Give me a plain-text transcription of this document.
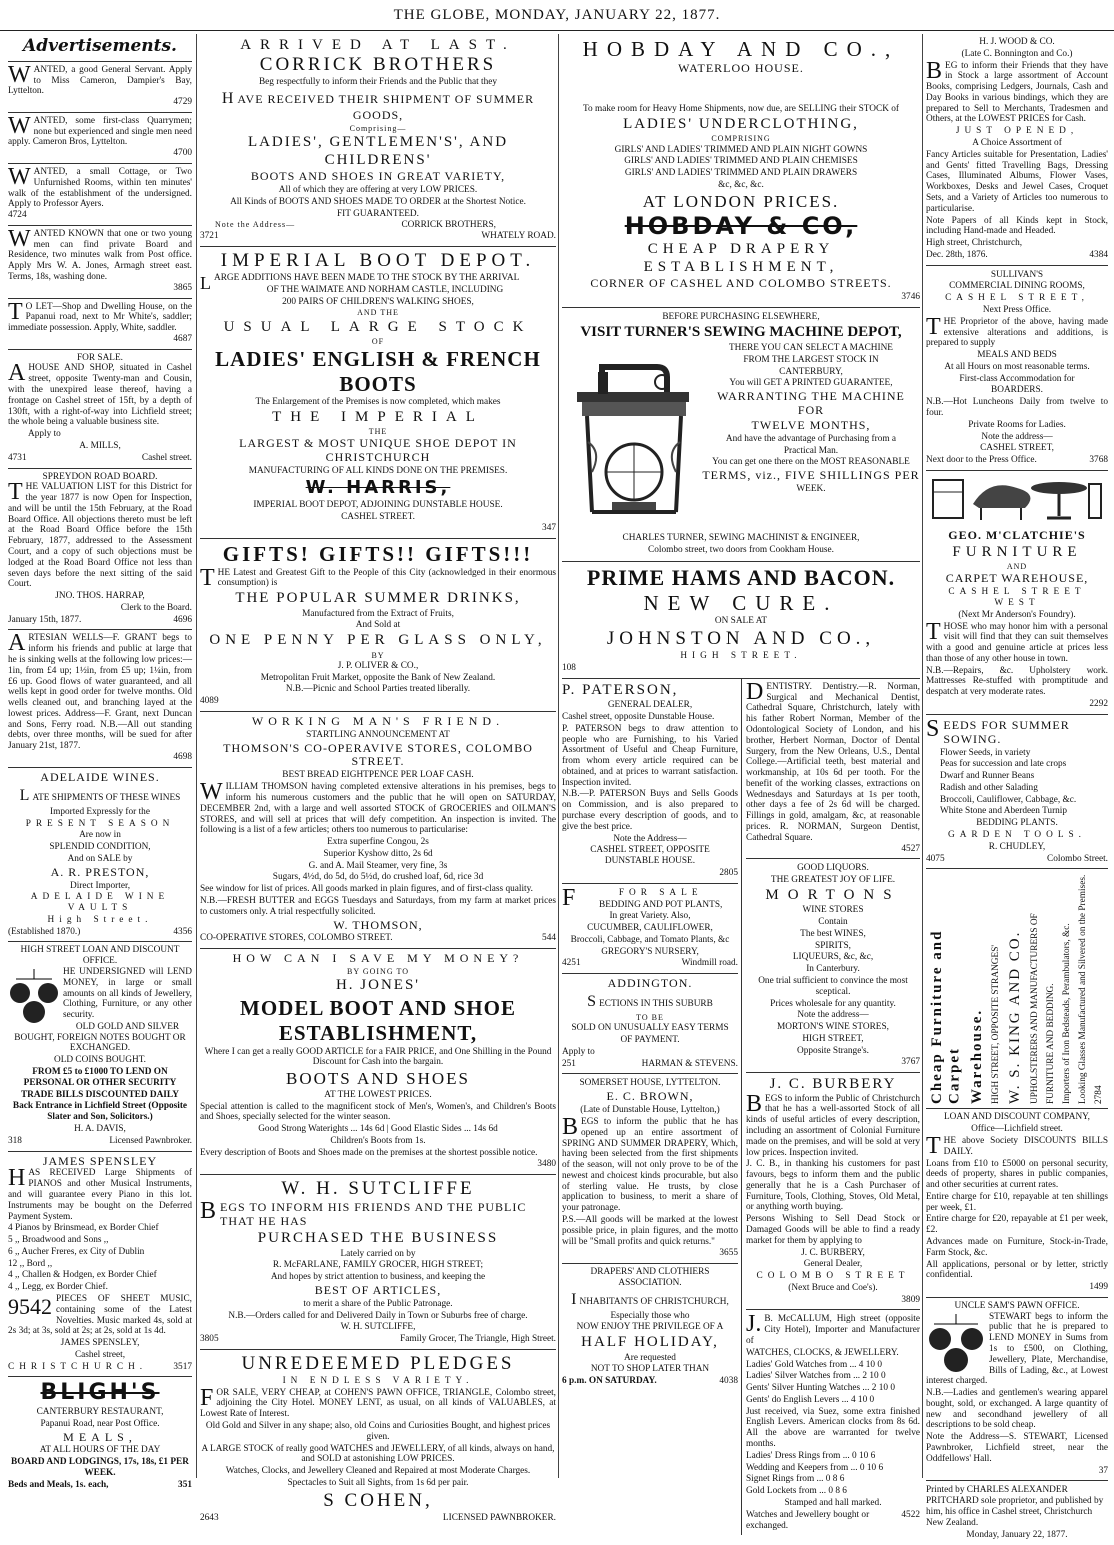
THE GLOBE, MONDAY, JANUARY 22, 1877.
Advertisements.
WANTED, a good General Servant. Apply to Miss Cameron, Dampier's Bay, Lyttelton.
4729
WANTED, some first-class Quarrymen; none but experienced and single men need apply. Cameron Bros, Lyttelton.
4700
WANTED, a small Cottage, or Two Unfurnished Rooms, within ten minutes' walk of the establishment of the undersigned. Apply to Professor Ayers.
4724
WANTED KNOWN that one or two young men can find private Board and Residence, two minutes walk from Post office. Apply Mrs W. A. Jones, Armagh street east. Terms, 18s, washing done.
3865
T O LET—Shop and Dwelling House, on the Papanui road, next to Mr White's, saddler; immediate possession. Apply, White, saddler.
4687
FOR SALE.
A HOUSE AND SHOP, situated in Cashel street, opposite Twenty-man and Cousin, with the unexpired lease thereof, having a frontage on Cashel street of 15ft, by a depth of 130ft, with a right-of-way into Lichfield street; the whole being a valuable business site.

Apply to

A. MILLS,

4731	Cashel street.
SPREYDON ROAD BOARD.
T HE VALUATION LIST for this District for the year 1877 is now Open for Inspection, and will be until the 15th February, at the Road Board Office. All objections thereto must be left at the Road Board Office before the 15th February, 1877, addressed to the Assessment Court, and a copy of such objections must be lodged at the Road Board Office not less than seven days before the next sitting of the said Court.

JNO. THOS. HARRAP,

Clerk to the Board.

January 15th, 1877.	4696
ARTESIAN WELLS—F. GRANT begs to inform his friends and public at large that he is sinking wells at the following low prices:—1in, from £4 up; 1½in, from £5 up; 1¼in, from £6 up. Good flows of water guaranteed, and all wells kept in good order for twelve months. Old wells cleaned out, and branching layed at the lowest prices. Address—F. Grant, next Duncan and Sons, Ferry road. N.B.—All out standing debts, over three months, will be sued for after January 21st, 1877.
4698
ADELAIDE WINES.

LATE SHIPMENTS OF THESE WINES

Imported Expressly for the

PRESENT SEASON

Are now in

SPLENDID CONDITION,

And on SALE by

A. R. PRESTON,

Direct Importer,

ADELAIDE WINE VAULTS

High Street.

(Established 1870.)	4356
HIGH STREET LOAN AND DISCOUNT OFFICE.
HE UNDERSIGNED will LEND MONEY, in large or small amounts on all kinds of Jewellery, Clothing, Furniture, or any other security.

OLD GOLD AND SILVER BOUGHT, FOREIGN NOTES BOUGHT OR EXCHANGED.

OLD COINS BOUGHT.

FROM £5 to £1000 TO LEND ON PERSONAL OR OTHER SECURITY

TRADE BILLS DISCOUNTED DAILY

Back Entrance in Lichfield Street (Opposite Slater and Son, Solicitors.)

H. A. DAVIS,

318	Licensed Pawnbroker.
JAMES SPENSLEY
H AS RECEIVED Large Shipments of PIANOS and other Musical Instruments, and will guarantee every Piano in this lot. Instruments may be bought on the Deferred Payment System.

4 Pianos by Brinsmead, ex Border Chief

5 ,, Broadwood and Sons ,,

6 ,, Aucher Freres, ex City of Dublin

12 ,, Bord ,,

4 ,, Challen & Hodgen, ex Border Chief

4 ,, Legg, ex Border Chief.

9542 PIECES OF SHEET MUSIC, containing some of the Latest Novelties. Music marked 4s, sold at 2s 3d; at 3s, sold at 2s; at 2s, sold at 1s 4d.

JAMES SPENSLEY,

Cashel street,

CHRISTCHURCH.	3517
BLIGH'S

CANTERBURY RESTAURANT,

Papanui Road, near Post Office.

MEALS,

AT ALL HOURS OF THE DAY

BOARD AND LODGINGS, 17s, 18s, £1 PER WEEK.

Beds and Meals, 1s. each,	351
ARRIVED AT LAST.
CORRICK BROTHERS

Beg respectfully to inform their Friends and the Public that they

H AVE RECEIVED THEIR SHIPMENT OF SUMMER GOODS,

Comprising—

LADIES', GENTLEMEN'S', AND CHILDRENS'

BOOTS AND SHOES IN GREAT VARIETY,

All of which they are offering at very LOW PRICES.

All Kinds of BOOTS AND SHOES MADE TO ORDER at the Shortest Notice.

FIT GUARANTEED.

Note the Address—	CORRICK BROTHERS,
3721	WHATELY ROAD.
IMPERIAL BOOT DEPOT.

LARGE ADDITIONS HAVE BEEN MADE TO THE STOCK BY THE ARRIVAL

OF THE WAIMATE AND NORHAM CASTLE, INCLUDING

200 PAIRS OF CHILDREN'S WALKING SHOES,

AND THE

USUAL LARGE STOCK

OF

LADIES' ENGLISH & FRENCH BOOTS

The Enlargement of the Premises is now completed, which makes

THE IMPERIAL

THE

LARGEST & MOST UNIQUE SHOE DEPOT IN CHRISTCHURCH

MANUFACTURING OF ALL KINDS DONE ON THE PREMISES.

W. HARRIS,

IMPERIAL BOOT DEPOT, ADJOINING DUNSTABLE HOUSE.

CASHEL STREET.

347
GIFTS! GIFTS!! GIFTS!!!

THE Latest and Greatest Gift to the People of this City (acknowledged in their enormous consumption) is

THE POPULAR SUMMER DRINKS,

Manufactured from the Extract of Fruits,

And Sold at

ONE PENNY PER GLASS ONLY,

BY

J. P. OLIVER & CO.,

Metropolitan Fruit Market, opposite the Bank of New Zealand.

N.B.—Picnic and School Parties treated liberally.

4089
WORKING MAN'S FRIEND.

STARTLING ANNOUNCEMENT AT

THOMSON'S CO-OPERAVIVE STORES, COLOMBO STREET.

BEST BREAD EIGHTPENCE PER LOAF CASH.

WILLIAM THOMSON having completed extensive alterations in his premises, begs to inform his numerous customers and the public that he will open on SATURDAY, DECEMBER 2nd, with a large and well assorted STOCK of GROCERIES and OILMAN'S STORES, and will sell at prices that will defy competition. An inspection is invited. The following is a list of a few articles; others too numerous to particularise:

Extra superfine Congou, 2s

Superior Kyshow ditto, 2s 6d

G. and A. Mail Steamer, very fine, 3s

Sugars, 4½d, do 5d, do 5½d, do crushed loaf, 6d, rice 3d

See window for list of prices. All goods marked in plain figures, and of first-class quality.

N.B.—FRESH BUTTER and EGGS Tuesdays and Saturdays, from my farm at market prices to customers only. A trial respectfully solicited.

W. THOMSON,

CO-OPERATIVE STORES, COLOMBO STREET.	544
HOW CAN I SAVE MY MONEY?

BY GOING TO

H. JONES'

MODEL BOOT AND SHOE

ESTABLISHMENT,

Where I can get a really GOOD ARTICLE for a FAIR PRICE, and One Shilling in the Pound Discount for Cash into the bargain.

BOOTS AND SHOES

AT THE LOWEST PRICES.

Special attention is called to the magnificent stock of Men's, Women's, and Children's Boots and Shoes, specially selected for the winter season.

Good Strong Waterights ... 14s 6d | Good Elastic Sides ... 14s 6d

Children's Boots from 1s.

Every description of Boots and Shoes made on the premises at the shortest possible notice.

3480
W. H. SUTCLIFFE

BEGS TO INFORM HIS FRIENDS AND THE PUBLIC THAT HE HAS

PURCHASED THE BUSINESS

Lately carried on by

R. McFARLANE, FAMILY GROCER, HIGH STREET;

And hopes by strict attention to business, and keeping the

BEST OF ARTICLES,

to merit a share of the Public Patronage.

N.B.—Orders called for and Delivered Daily in Town or Suburbs free of charge.

W. H. SUTCLIFFE,

3805	Family Grocer, The Triangle, High Street.
UNREDEEMED PLEDGES

IN ENDLESS VARIETY.

FOR SALE, VERY CHEAP, at COHEN'S PAWN OFFICE, TRIANGLE, Colombo street, adjoining the City Hotel. MONEY LENT, as usual, on all kinds of VALUABLES, at Lowest Rate of Interest.

Old Gold and Silver in any shape; also, old Coins and Curiosities Bought, and highest prices given.

A LARGE STOCK of really good WATCHES and JEWELLERY, of all kinds, always on hand, and SOLD at astonishing LOW PRICES.

Watches, Clocks, and Jewellery Cleaned and Repaired at most Moderate Charges.

Spectacles to Suit all Sights, from 1s 6d per pair.

S COHEN,

2643	LICENSED PAWNBROKER.
HOBDAY AND CO.,

WATERLOO HOUSE.

To make room for Heavy Home Shipments, now due, are SELLING their STOCK of

LADIES' UNDERCLOTHING,

COMPRISING

GIRLS' AND LADIES' TRIMMED AND PLAIN NIGHT GOWNS

GIRLS' AND LADIES' TRIMMED AND PLAIN CHEMISES

GIRLS' AND LADIES' TRIMMED AND PLAIN DRAWERS

&c, &c, &c.

AT LONDON PRICES.

HOBDAY & CO,

CHEAP DRAPERY ESTABLISHMENT,

CORNER OF CASHEL AND COLOMBO STREETS.

3746

BEFORE PURCHASING ELSEWHERE,

VISIT TURNER'S SEWING MACHINE DEPOT,

THERE YOU CAN SELECT A MACHINE

FROM THE LARGEST STOCK IN

CANTERBURY,

You will GET A PRINTED GUARANTEE,

WARRANTING THE MACHINE FOR

TWELVE MONTHS,

And have the advantage of Purchasing from a

Practical Man.

You can get one there on the MOST REASONABLE

TERMS, viz., FIVE SHILLINGS PER

WEEK.

CHARLES TURNER, SEWING MACHINIST & ENGINEER,

Colombo street, two doors from Cookham House.

PRIME HAMS AND BACON.

NEW CURE.

ON SALE AT

JOHNSTON AND CO.,

HIGH STREET.

108
P. PATERSON,

GENERAL DEALER,

Cashel street, opposite Dunstable House.

P. PATERSON begs to draw attention to people who are Furnishing, to his Varied Assortment of Useful and Cheap Furniture, from whom every article required can be obtained, and at prices to warrant satisfaction. Inspection invited.

N.B.—P. PATERSON Buys and Sells Goods on Commission, and is also prepared to purchase every description of goods, and to give the best price.

Note the Address—

CASHEL STREET, OPPOSITE DUNSTABLE HOUSE.

2805

F	FOR SALE

BEDDING AND POT PLANTS,

In great Variety. Also,

CUCUMBER, CAULIFLOWER,

Broccoli, Cabbage, and Tomato Plants, &c

GREGORY'S NURSERY,

4251	Windmill road.
ADDINGTON.

SECTIONS IN THIS SUBURB

TO BE

SOLD ON UNUSUALLY EASY TERMS

OF PAYMENT.

Apply to

251	HARMAN & STEVENS.

SOMERSET HOUSE, LYTTELTON.

E. C. BROWN,

(Late of Dunstable House, Lyttelton,)

B EGS to inform the public that he has opened up an entire assortment of SPRING AND SUMMER DRAPERY, Which, having been selected from the first shipments of the season, will not only prove to be of the newest and choicest kinds procurable, but also of sterling value. He trusts, by close application to business, to merit a share of your patronage.

P.S.—All goods will be marked at the lowest possible price, in plain figures, and the motto will be "Small profits and quick returns."

3655
DRAPERS' AND CLOTHIERS ASSOCIATION.

INHABITANTS OF CHRISTCHURCH,

Especially those who

NOW ENJOY THE PRIVILEGE OF A

HALF HOLIDAY,

Are requested

NOT TO SHOP LATER THAN

6 p.m. ON SATURDAY.	4038
DENTISTRY. Dentistry.—R. Norman, Surgical and Mechanical Dentist, Cathedral Square, Christchurch, lately with his father Robert Norman, Member of the Odontological Society of London, and his brother, Herbert Norman, Doctor of Dental Surgery, from the New Orleans, U.S., Dental College.—Artificial teeth, best material and workmanship, at 10s 6d per tooth. For the benefit of the working classes, extractions on Wednesdays and Saturdays at 1s per tooth, other days a fee of 2s 6d will be charged. Fillings in gold, amalgam, &c, at reasonable prices. R. NORMAN, Surgeon Dentist, Cathedral Square.
4527

GOOD LIQUORS.

THE GREATEST JOY OF LIFE.

MORTONS

WINE STORES

Contain

The best WINES,

SPIRITS,

LIQUEURS, &c, &c,

In Canterbury.

One trial sufficient to convince the most sceptical.

Prices wholesale for any quantity.

Note the address—

MORTON'S WINE STORES,

HIGH STREET,

Opposite Strange's.

3767
J. C. BURBERY
B EGS to inform the Public of Christchurch that he has a well-assorted Stock of all kinds of useful articles of every description, including an assortment of Colonial Furniture made on the premises, and will be sold at very low prices. Inspection invited.

J. C. B., in thanking his customers for past favours, begs to inform them and the public generally that he is a Cash Purchaser of Furniture, Tools, Clothing, Stoves, Old Metal, or anything worth buying.

Persons Wishing to Sell Dead Stock or Damaged Goods will be able to find a ready market for them by applying to

J. C. BURBERY,

General Dealer,

COLOMBO STREET

(Next Bruce and Coe's).

3809

J. B. McCALLUM, High street (opposite City Hotel), Importer and Manufacturer of

WATCHES, CLOCKS, & JEWELLERY.

Ladies' Gold Watches from ... 4 10 0

Ladies' Silver Watches from ... 2 10 0

Gents' Silver Hunting Watches ... 2 10 0

Gents' do English Levers ... 4 10 0

Just received, via Suez, some extra finished English Levers. American clocks from 8s 6d. All the above are warranted for twelve months.

Ladies' Dress Rings from ... 0 10 6

Wedding and Keepers from ... 0 10 6

Signet Rings from ... 0 8 6

Gold Lockets from ... 0 8 6

Stamped and hall marked.

Watches and Jewellery bought or exchanged.
4522
H. J. WOOD & CO.

(Late C. Bonnington and Co.)

B EG to inform their Friends that they have in Stock a large assortment of Account Books, comprising Ledgers, Journals, Cash and Day Books in various bindings, which they are prepared to Sell to Merchants, Tradesmen and Others, at the LOWEST PRICES for Cash.

JUST OPENED,

A Choice Assortment of

Fancy Articles suitable for Presentation, Ladies' and Gents' fitted Travelling Bags, Dressing Cases, Illuminated Albums, Flower Vases, Workboxes, Desks and Jewel Cases, Croquet Sets, and a Variety of Articles too numerous to particularise.

Note Papers of all Kinds kept in Stock, including Hand-made and Headed.

High street, Christchurch,

Dec. 28th, 1876.	4384

SULLIVAN'S

COMMERCIAL DINING ROOMS,

CASHEL STREET,

Next Press Office.

THE Proprietor of the above, having made extensive alterations and additions, is prepared to supply

MEALS AND BEDS

At all Hours on most reasonable terms.

First-class Accommodation for

BOARDERS.

N.B.—Hot Luncheons Daily from twelve to four.

Private Rooms for Ladies.

Note the address—

CASHEL STREET,

Next door to the Press Office.	3768

GEO. M'CLATCHIE'S

FURNITURE

AND

CARPET WAREHOUSE,

CASHEL STREET WEST

(Next Mr Anderson's Foundry).

THOSE who may honor him with a personal visit will find that they can suit themselves with a good and genuine article at prices less than those of any other house in town.

N.B.—Repairs, &c. Upholstery work. Mattresses Re-stuffed with promptitude and despatch at very moderate rates.

2292

SEEDS FOR SUMMER SOWING.

Flower Seeds, in variety

Peas for succession and late crops

Dwarf and Runner Beans

Radish and other Salading

Broccoli, Cauliflower, Cabbage, &c.

White Stone and Aberdeen Turnip

BEDDING PLANTS.

GARDEN TOOLS.

R. CHUDLEY,

4075	Colombo Street.
Cheap Furniture and Carpet Warehouse. HIGH STREET, OPPOSITE STRANGES' W. S. KING AND CO. UPHOLSTERERS AND MANUFACTURERS OF FURNITURE AND BEDDING. Importers of Iron Bedsteads, Perambulators, &c. Looking Glasses Manufactured and Silvered on the Premises. 2784
LOAN AND DISCOUNT COMPANY,

Office—Lichfield street.

T HE above Society DISCOUNTS BILLS DAILY.

Loans from £10 to £5000 on personal security, deeds of property, shares in public companies, and other securities at current rates.

Entire charge for £10, repayable at ten shillings per week, £1.

Entire charge for £20, repayable at £1 per week, £2.

Advances made on Furniture, Stock-in-Trade, Farm Stock, &c.

All applications, personal or by letter, strictly confidential.

1499
UNCLE SAM'S PAWN OFFICE.
STEWART begs to inform the public that he is prepared to LEND MONEY in Sums from 1s to £500, on Clothing, Jewellery, Plate, Merchandise, Bills of Lading, &c., at Lowest interest charged.

N.B.—Ladies and gentlemen's wearing apparel bought, sold, or exchanged. A large quantity of new and secondhand jewellery of all descriptions to be sold cheap.

Note the Address—S. STEWART, Licensed Pawnbroker, Lichfield street, near the Oddfellows' Hall.

37

Printed by CHARLES ALEXANDER PRITCHARD sole proprietor, and published by him, his office in Cashel street, Christchurch New Zealand.

Monday, January 22, 1877.
